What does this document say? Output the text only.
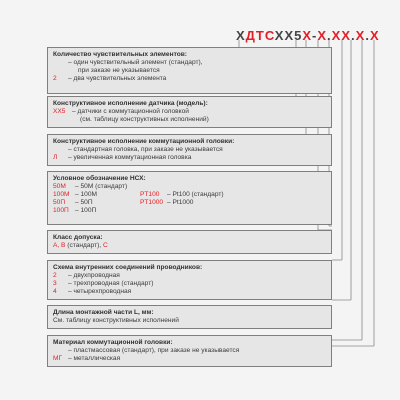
ХДТСХХ5Х-Х.ХХ.Х.Х
Количество чувствительных элементов:
– один чувствительный элемент (стандарт),

при заказе не указывается
2 – два чувствительных элемента
Конструктивное исполнение датчика (модель):
ХХ5 – датчики с коммутационной головкой
(см. таблицу конструктивных исполнений)
Конструктивное исполнение коммутационной головки:

– стандартная головка, при заказе не указывается
Л – увеличенная коммутационная головка
Условное обозначение НСХ:
50М – 50М (стандарт)
100М – 100М	PT100 – Pt100 (стандарт)
50П – 50П	PT1000 – Pt1000
100П – 100П
Класс допуска:
А, В (стандарт), С
Схема внутренних соединений проводников:
2 – двухпроводная
3 – трехпроводная (стандарт)
4 – четырехпроводная
Длина монтажной части L, мм:
См. таблицу конструктивных исполнений
Материал коммутационной головки:

– пластмассовая (стандарт), при заказе не указывается
МГ – металлическая
